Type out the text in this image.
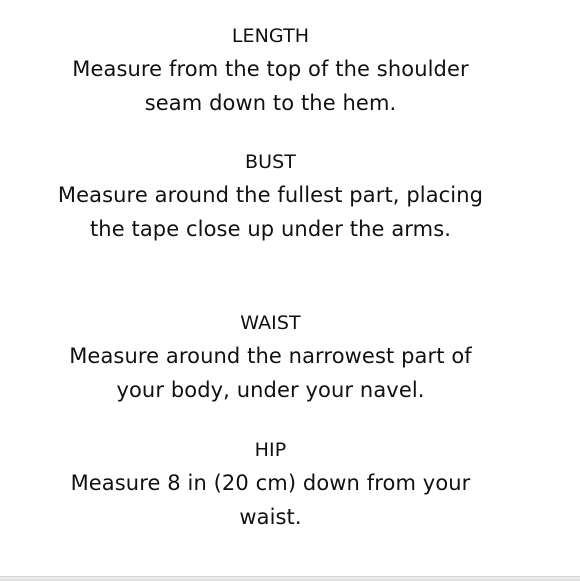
LENGTH
Measure from the top of the shoulder seam down to the hem.
BUST
Measure around the fullest part, placing the tape close up under the arms.
WAIST
Measure around the narrowest part of your body, under your navel.
HIP
Measure 8 in (20 cm) down from your waist.
